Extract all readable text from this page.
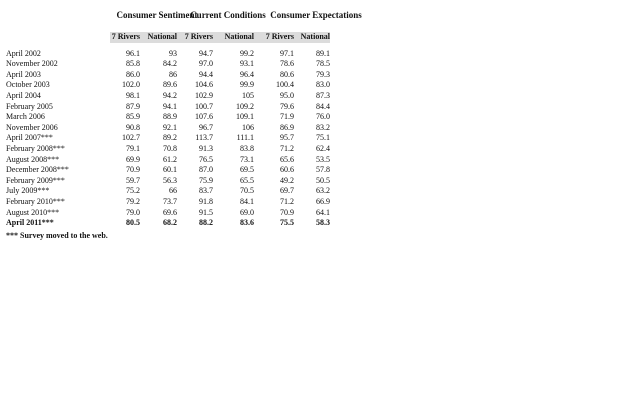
Consumer Sentiment
Current Conditions Consumer Expectations
	7 Rivers	National	7 Rivers	National	7 Rivers	National

April 2002	96.1	93	94.7	99.2	97.1	89.1
November 2002	85.8	84.2	97.0	93.1	78.6	78.5
April 2003	86.0	86	94.4	96.4	80.6	79.3
October 2003	102.0	89.6	104.6	99.9	100.4	83.0
April 2004	98.1	94.2	102.9	105	95.0	87.3
February 2005	87.9	94.1	100.7	109.2	79.6	84.4
March 2006	85.9	88.9	107.6	109.1	71.9	76.0
November 2006	90.8	92.1	96.7	106	86.9	83.2
April 2007***	102.7	89.2	113.7	111.1	95.7	75.1
February 2008***	79.1	70.8	91.3	83.8	71.2	62.4
August 2008***	69.9	61.2	76.5	73.1	65.6	53.5
December 2008***	70.9	60.1	87.0	69.5	60.6	57.8
February 2009***	59.7	56.3	75.9	65.5	49.2	50.5
July 2009***	75.2	66	83.7	70.5	69.7	63.2
February 2010***	79.2	73.7	91.8	84.1	71.2	66.9
August 2010***	79.0	69.6	91.5	69.0	70.9	64.1
April 2011***	80.5	68.2	88.2	83.6	75.5	58.3
*** Survey moved to the web.
